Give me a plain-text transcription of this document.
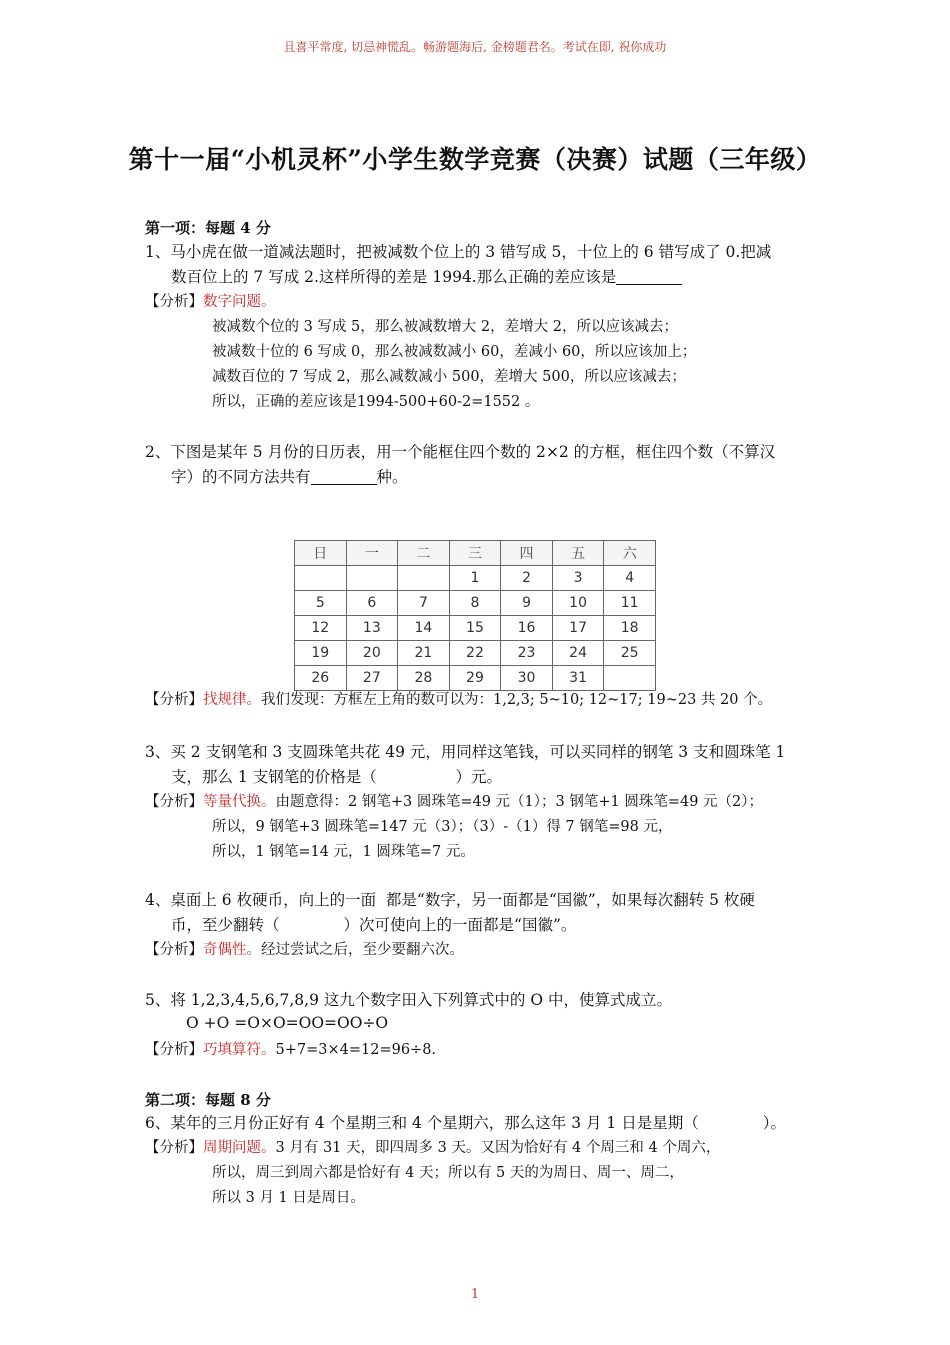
且喜平常度, 切忌神慌乱。畅游题海后, 金榜题君名。考试在即, 祝你成功
第十一届“小机灵杯”小学生数学竞赛（决赛）试题（三年级）
第一项：每题 4 分
1、马小虎在做一道减法题时，把被减数个位上的 3 错写成 5，十位上的 6 错写成了 0.把减
数百位上的 7 写成 2.这样所得的差是 1994.那么正确的差应该是
【分析】数字问题。
被减数个位的 3 写成 5，那么被减数增大 2，差增大 2，所以应该减去；
被减数十位的 6 写成 0，那么被减数减小 60，差减小 60，所以应该加上；
减数百位的 7 写成 2，那么减数减小 500，差增大 500，所以应该减去；
所以，正确的差应该是1994-500+60-2=1552 。
2、下图是某年 5 月份的日历表，用一个能框住四个数的 2×2 的方框，框住四个数（不算汉
字）的不同方法共有	种。
日	一	二	三	四	五	六
			1	2	3	4
5	6	7	8	9	10	11
12	13	14	15	16	17	18
19	20	21	22	23	24	25
26	27	28	29	30	31	
【分析】找规律。我们发现：方框左上角的数可以为：1,2,3; 5~10; 12~17; 19~23 共 20 个。
3、买 2 支钢笔和 3 支圆珠笔共花 49 元，用同样这笔钱，可以买同样的钢笔 3 支和圆珠笔 1
支，那么 1 支钢笔的价格是（                ）元。
【分析】等量代换。由题意得：2 钢笔+3 圆珠笔=49 元（1）；3 钢笔+1 圆珠笔=49 元（2）；
所以，9 钢笔+3 圆珠笔=147 元（3）；（3）-（1）得 7 钢笔=98 元，
所以，1 钢笔=14 元，1 圆珠笔=7 元。
4、桌面上 6 枚硬币，向上的一面  都是“数字，另一面都是“国徽”，如果每次翻转 5 枚硬
币，至少翻转（             ）次可使向上的一面都是“国徽”。
【分析】奇偶性。经过尝试之后，至少要翻六次。
5、将 1,2,3,4,5,6,7,8,9 这九个数字田入下列算式中的 O 中，使算式成立。
O +O =O×O=OO=OO÷O
【分析】巧填算符。5+7=3×4=12=96÷8.
第二项：每题 8 分
6、某年的三月份正好有 4 个星期三和 4 个星期六，那么这年 3 月 1 日是星期（             ）。
【分析】周期问题。3 月有 31 天，即四周多 3 天。又因为恰好有 4 个周三和 4 个周六，
所以，周三到周六都是恰好有 4 天；所以有 5 天的为周日、周一、周二，
所以 3 月 1 日是周日。
1
